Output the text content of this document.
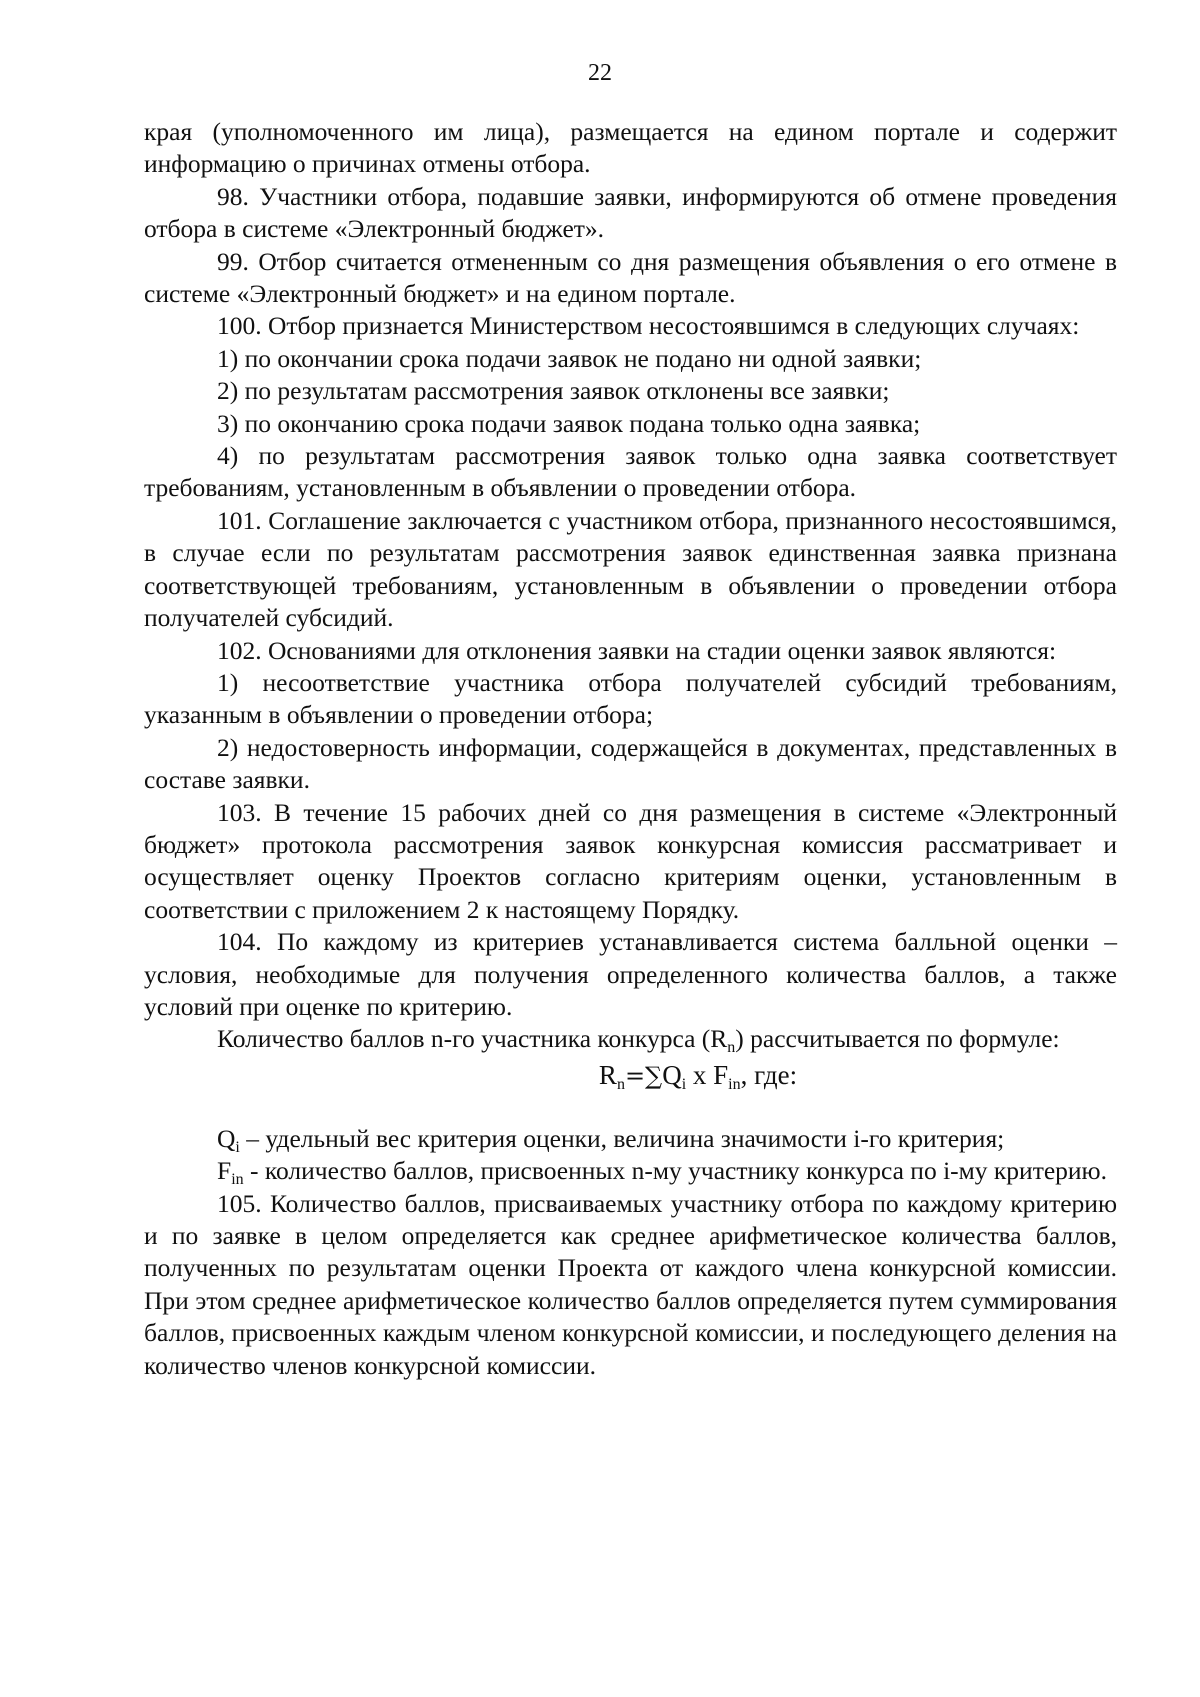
22

края (уполномоченного им лица), размещается на едином портале и содержит информацию о причинах отмены отбора.

98. Участники отбора, подавшие заявки, информируются об отмене проведения отбора в системе «Электронный бюджет».

99. Отбор считается отмененным со дня размещения объявления о его отмене в системе «Электронный бюджет» и на едином портале.

100. Отбор признается Министерством несостоявшимся в следующих случаях:

1) по окончании срока подачи заявок не подано ни одной заявки;

2) по результатам рассмотрения заявок отклонены все заявки;

3) по окончанию срока подачи заявок подана только одна заявка;

4) по результатам рассмотрения заявок только одна заявка соответствует требованиям, установленным в объявлении о проведении отбора.

101. Соглашение заключается с участником отбора, признанного несостоявшимся, в случае если по результатам рассмотрения заявок единственная заявка признана соответствующей требованиям, установленным в объявлении о проведении отбора получателей субсидий.

102. Основаниями для отклонения заявки на стадии оценки заявок являются:

1) несоответствие участника отбора получателей субсидий требованиям, указанным в объявлении о проведении отбора;

2) недостоверность информации, содержащейся в документах, представленных в составе заявки.

103. В течение 15 рабочих дней со дня размещения в системе «Электронный бюджет» протокола рассмотрения заявок конкурсная комиссия рассматривает и осуществляет оценку Проектов согласно критериям оценки, установленным в соответствии с приложением 2 к настоящему Порядку.

104. По каждому из критериев устанавливается система балльной оценки – условия, необходимые для получения определенного количества баллов, а также условий при оценке по критерию.

Количество баллов n-го участника конкурса $(R_n)$ рассчитывается по формуле:

$R_n=\sum Q_i$ x $F_{in}$, где:

$Q_i$ – удельный вес критерия оценки, величина значимости i-го критерия;

$F_{in}$ - количество баллов, присвоенных n-му участнику конкурса по i-му критерию.

105. Количество баллов, присваиваемых участнику отбора по каждому критерию и по заявке в целом определяется как среднее арифметическое количества баллов, полученных по результатам оценки Проекта от каждого члена конкурсной комиссии. При этом среднее арифметическое количество баллов определяется путем суммирования баллов, присвоенных каждым членом конкурсной комиссии, и последующего деления на количество членов конкурсной комиссии.
